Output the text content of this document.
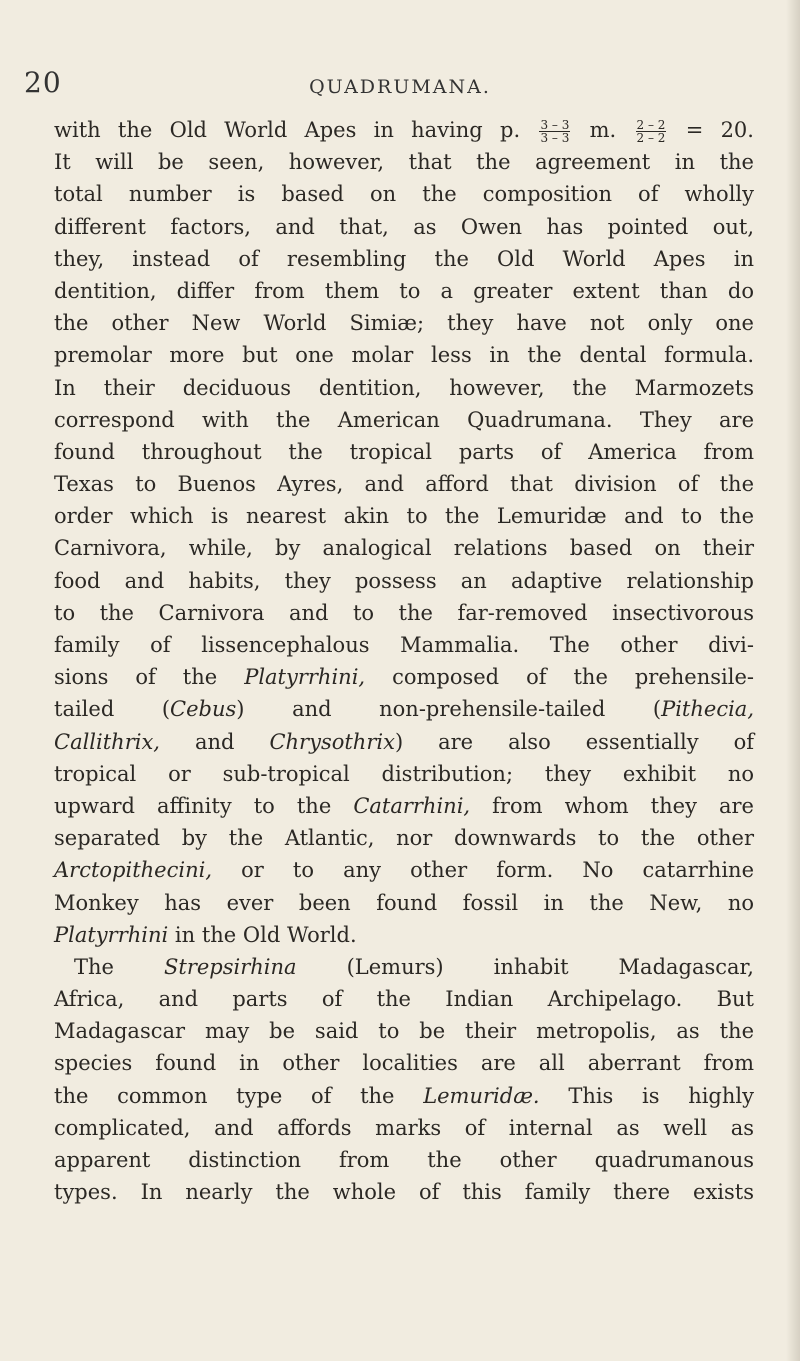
20	QUADRUMANA.
with the Old World Apes in having p. $\frac{3 - 3}{3 - 3} m$. $\frac{2 - 2}{2 - 2} = 20$.
It will be seen, however, that the agreement in the
total number is based on the composition of wholly
different factors, and that, as Owen has pointed out,
they, instead of resembling the Old World Apes in
dentition, differ from them to a greater extent than do
the other New World Simiæ; they have not only one
premolar more but one molar less in the dental formula.
In their deciduous dentition, however, the Marmozets
correspond with the American Quadrumana. They are
found throughout the tropical parts of America from
Texas to Buenos Ayres, and afford that division of the
order which is nearest akin to the Lemuridæ and to the
Carnivora, while, by analogical relations based on their
food and habits, they possess an adaptive relationship
to the Carnivora and to the far-removed insectivorous
family of lissencephalous Mammalia. The other divi-
sions of the Platyrrhini, composed of the prehensile-
tailed (Cebus) and non-prehensile-tailed (Pithecia,
Callithrix, and Chrysothrix) are also essentially of
tropical or sub-tropical distribution; they exhibit no
upward affinity to the Catarrhini, from whom they are
separated by the Atlantic, nor downwards to the other
Arctopithecini, or to any other form. No catarrhine
Monkey has ever been found fossil in the New, no
Platyrrhini in the Old World.
The Strepsirhina (Lemurs) inhabit Madagascar,
Africa, and parts of the Indian Archipelago. But
Madagascar may be said to be their metropolis, as the
species found in other localities are all aberrant from
the common type of the Lemuridæ. This is highly
complicated, and affords marks of internal as well as
apparent distinction from the other quadrumanous
types. In nearly the whole of this family there exists
